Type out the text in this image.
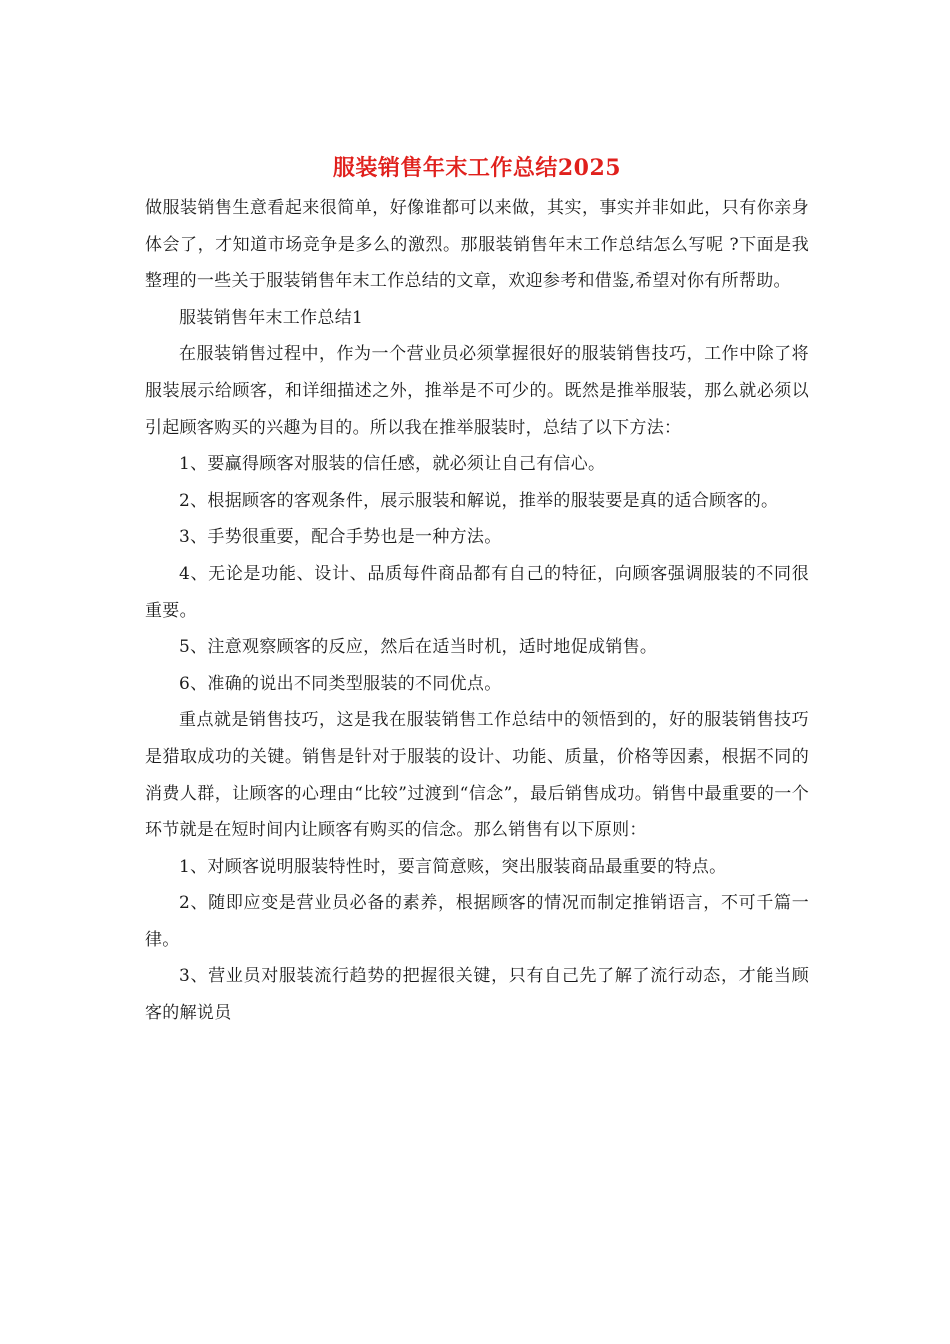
服装销售年末工作总结2025

做服装销售生意看起来很简单，好像谁都可以来做，其实，事实并非如此，只有你亲身体会了，才知道市场竞争是多么的激烈。那服装销售年末工作总结怎么写呢 ?下面是我整理的一些关于服装销售年末工作总结的文章，欢迎参考和借鉴,希望对你有所帮助。

服装销售年末工作总结1

在服装销售过程中，作为一个营业员必须掌握很好的服装销售技巧，工作中除了将服装展示给顾客，和详细描述之外，推举是不可少的。既然是推举服装，那么就必须以引起顾客购买的兴趣为目的。所以我在推举服装时，总结了以下方法：

1、要赢得顾客对服装的信任感，就必须让自己有信心。

2、根据顾客的客观条件，展示服装和解说，推举的服装要是真的适合顾客的。

3、手势很重要，配合手势也是一种方法。

4、无论是功能、设计、品质每件商品都有自己的特征，向顾客强调服装的不同很重要。

5、注意观察顾客的反应，然后在适当时机，适时地促成销售。

6、准确的说出不同类型服装的不同优点。

重点就是销售技巧，这是我在服装销售工作总结中的领悟到的，好的服装销售技巧是猎取成功的关键。销售是针对于服装的设计、功能、质量，价格等因素，根据不同的消费人群，让顾客的心理由“比较”过渡到“信念”，最后销售成功。销售中最重要的一个环节就是在短时间内让顾客有购买的信念。那么销售有以下原则：

1、对顾客说明服装特性时，要言简意赅，突出服装商品最重要的特点。

2、随即应变是营业员必备的素养，根据顾客的情况而制定推销语言，不可千篇一律。

3、营业员对服装流行趋势的把握很关键，只有自己先了解了流行动态，才能当顾客的解说员
